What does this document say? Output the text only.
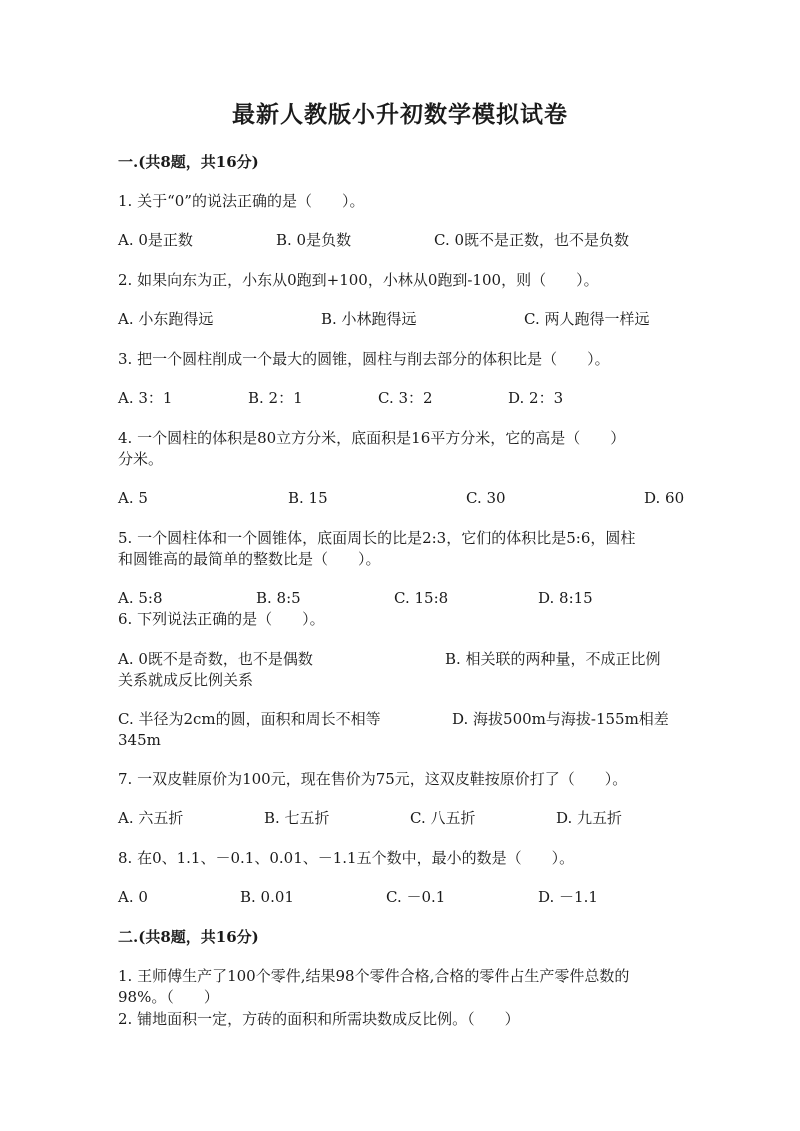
最新人教版小升初数学模拟试卷
一.(共8题，共16分)
1. 关于“0”的说法正确的是（　　）。
A. 0是正数	B. 0是负数	C. 0既不是正数，也不是负数
2. 如果向东为正，小东从0跑到+100，小林从0跑到-100，则（　　）。
A. 小东跑得远	B. 小林跑得远	C. 两人跑得一样远
3. 把一个圆柱削成一个最大的圆锥，圆柱与削去部分的体积比是（　　）。
A. 3：1	B. 2：1	C. 3：2	D. 2：3
4. 一个圆柱的体积是80立方分米，底面积是16平方分米，它的高是（　　）
分米。
A. 5	B. 15	C. 30	D. 60
5. 一个圆柱体和一个圆锥体，底面周长的比是2:3，它们的体积比是5:6，圆柱
和圆锥高的最简单的整数比是（　　）。
A. 5:8	B. 8:5	C. 15:8	D. 8:15
6. 下列说法正确的是（　　）。
A. 0既不是奇数，也不是偶数	B. 相关联的两种量，不成正比例
关系就成反比例关系
C. 半径为2cm的圆，面积和周长不相等	D. 海拔500m与海拔-155m相差
345m
7. 一双皮鞋原价为100元，现在售价为75元，这双皮鞋按原价打了（　　）。
A. 六五折	B. 七五折	C. 八五折	D. 九五折
8. 在0、1.1、－0.1、0.01、－1.1五个数中，最小的数是（　　）。
A. 0	B. 0.01	C. －0.1	D. －1.1
二.(共8题，共16分)
1. 王师傅生产了100个零件,结果98个零件合格,合格的零件占生产零件总数的
98%。（　　）
2. 铺地面积一定，方砖的面积和所需块数成反比例。（　　）
